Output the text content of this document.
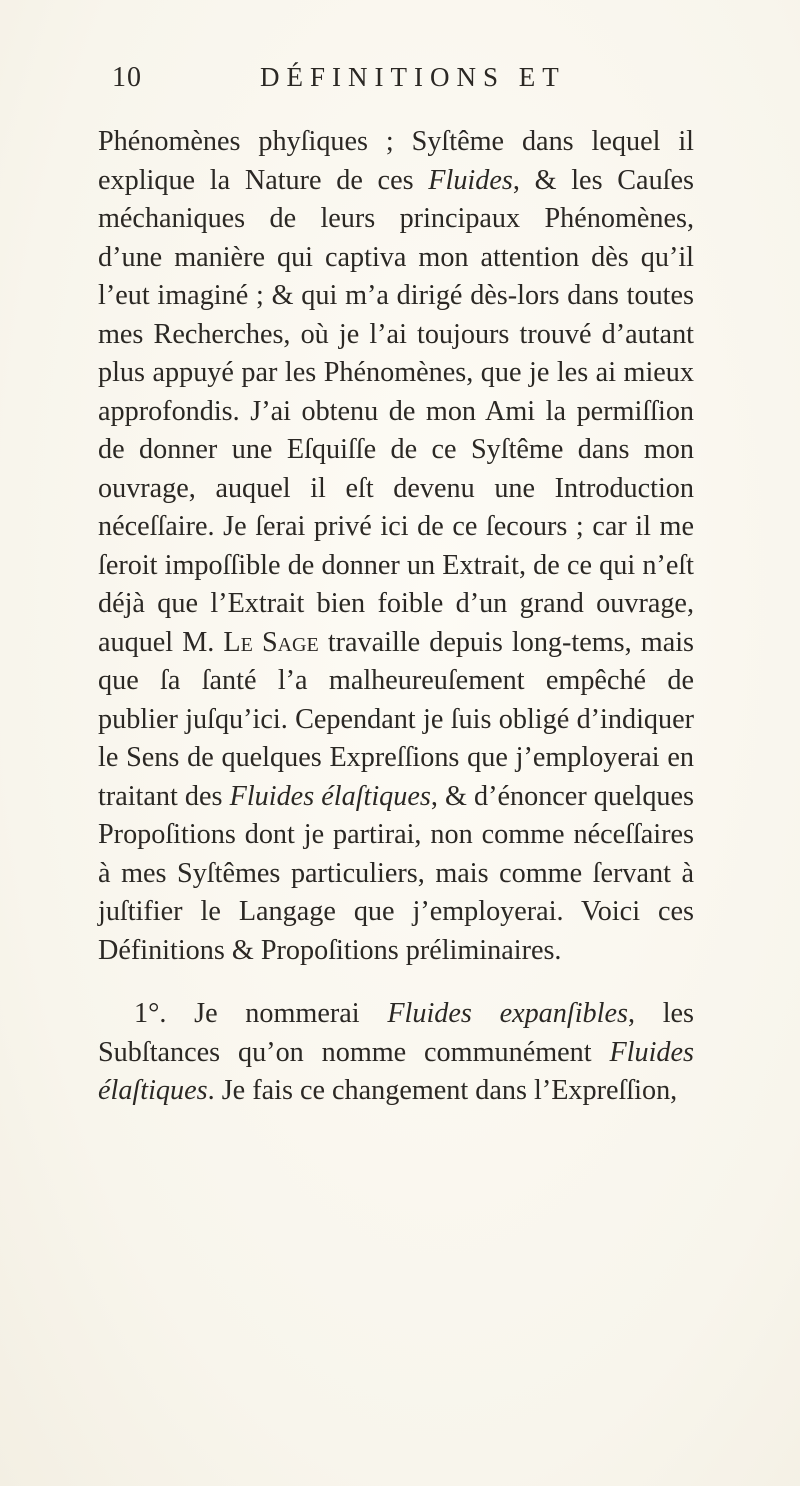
10	DÉFINITIONS ET

Phénomènes phyſiques ; Syſtême dans lequel il explique la Nature de ces Fluides, & les Cauſes méchaniques de leurs principaux Phénomènes, d’une manière qui captiva mon attention dès qu’il l’eut imaginé ; & qui m’a dirigé dès-lors dans toutes mes Recherches, où je l’ai toujours trouvé d’autant plus appuyé par les Phénomènes, que je les ai mieux approfondis. J’ai obtenu de mon Ami la permiſſion de donner une Eſquiſſe de ce Syſtême dans mon ouvrage, auquel il eſt devenu une Introduction néceſſaire. Je ſerai privé ici de ce ſecours ; car il me ſeroit impoſſible de donner un Extrait, de ce qui n’eſt déjà que l’Extrait bien foible d’un grand ouvrage, auquel M. Le Sage travaille depuis long-tems, mais que ſa ſanté l’a malheureuſement empêché de publier juſqu’ici. Cependant je ſuis obligé d’indiquer le Sens de quelques Expreſſions que j’employerai en traitant des Fluides élaſtiques, & d’énoncer quelques Propoſitions dont je partirai, non comme néceſſaires à mes Syſtêmes particuliers, mais comme ſervant à juſtifier le Langage que j’employerai. Voici ces Définitions & Propoſitions préliminaires.

1°. Je nommerai Fluides expanſibles, les Subſtances qu’on nomme communément Fluides élaſtiques. Je fais ce changement dans l’Expreſſion,
